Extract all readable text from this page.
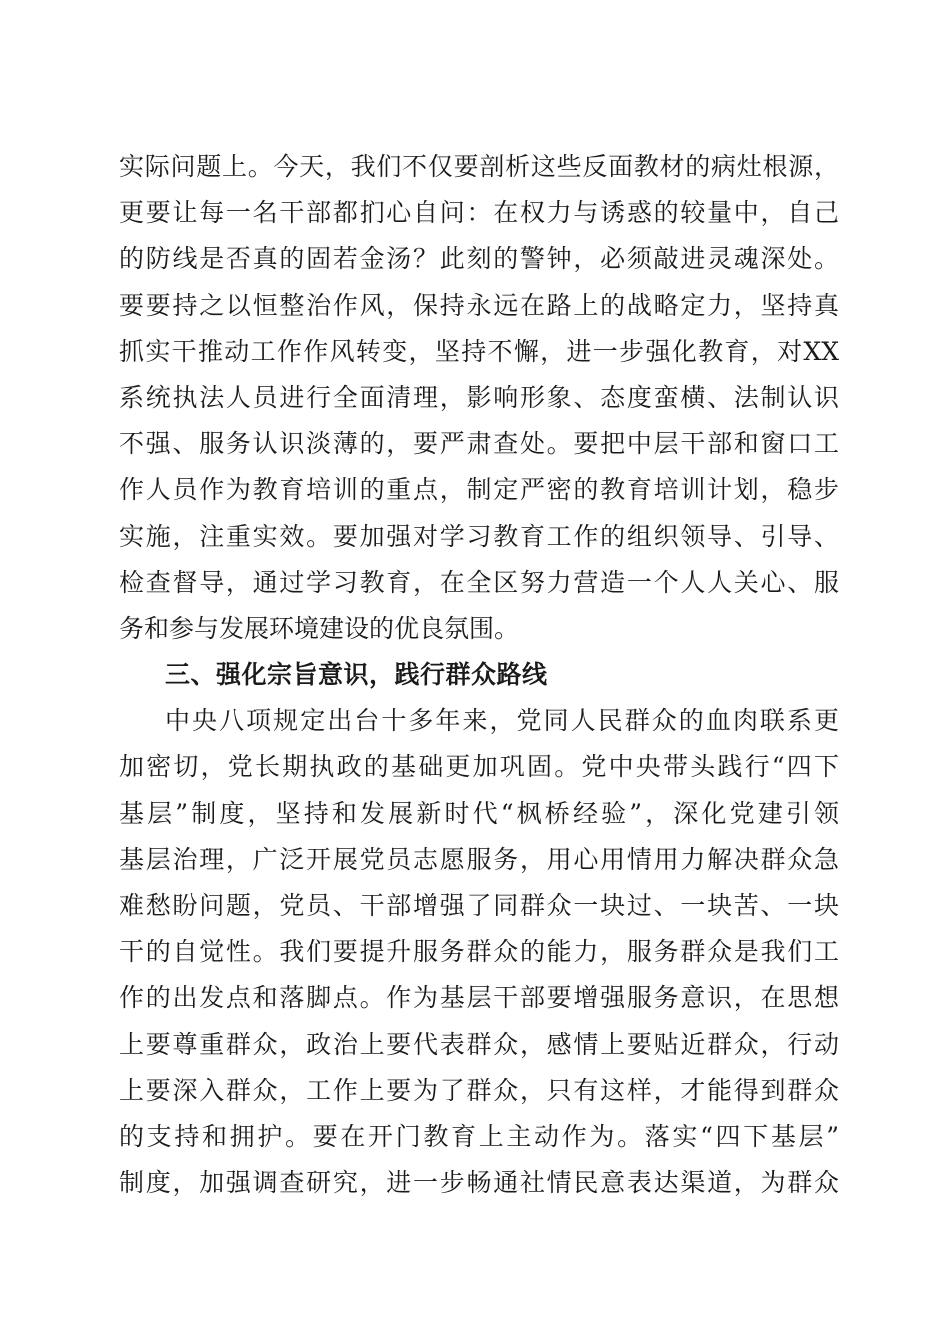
实际问题上。今天，我们不仅要剖析这些反面教材的病灶根源，
更要让每一名干部都扪心自问：在权力与诱惑的较量中，自己
的防线是否真的固若金汤？此刻的警钟，必须敲进灵魂深处。
要要持之以恒整治作风，保持永远在路上的战略定力，坚持真
抓实干推动工作作风转变，坚持不懈，进一步强化教育，对XX
系统执法人员进行全面清理，影响形象、态度蛮横、法制认识
不强、服务认识淡薄的，要严肃查处。要把中层干部和窗口工
作人员作为教育培训的重点，制定严密的教育培训计划，稳步
实施，注重实效。要加强对学习教育工作的组织领导、引导、
检查督导，通过学习教育，在全区努力营造一个人人关心、服
务和参与发展环境建设的优良氛围。
三、强化宗旨意识，践行群众路线
中央八项规定出台十多年来，党同人民群众的血肉联系更
加密切，党长期执政的基础更加巩固。党中央带头践行“四下
基层”制度，坚持和发展新时代“枫桥经验”，深化党建引领
基层治理，广泛开展党员志愿服务，用心用情用力解决群众急
难愁盼问题，党员、干部增强了同群众一块过、一块苦、一块
干的自觉性。我们要提升服务群众的能力，服务群众是我们工
作的出发点和落脚点。作为基层干部要增强服务意识，在思想
上要尊重群众，政治上要代表群众，感情上要贴近群众，行动
上要深入群众，工作上要为了群众，只有这样，才能得到群众
的支持和拥护。要在开门教育上主动作为。落实“四下基层”
制度，加强调查研究，进一步畅通社情民意表达渠道，为群众
